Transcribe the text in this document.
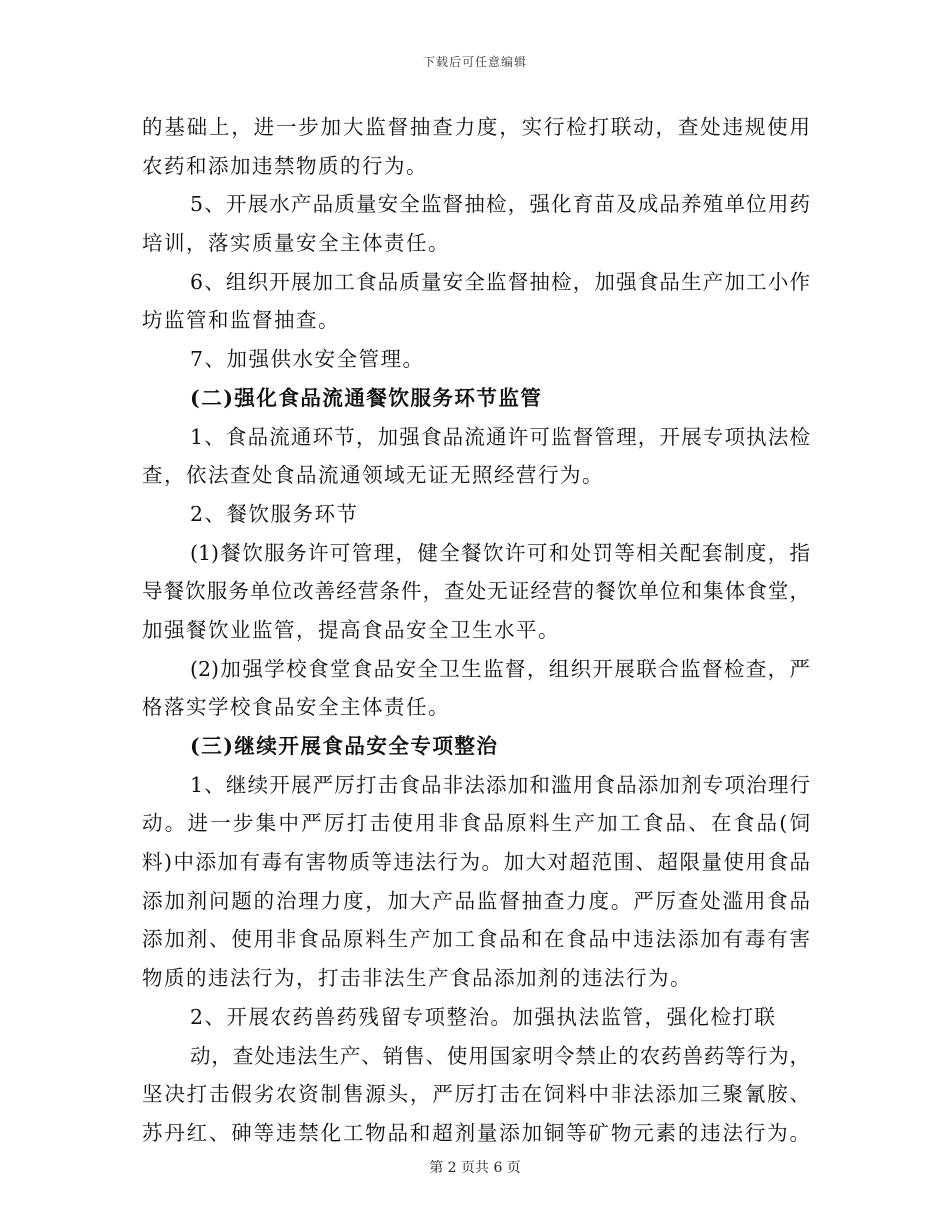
下载后可任意编辑
的基础上，进一步加大监督抽查力度，实行检打联动，查处违规使用
农药和添加违禁物质的行为。
5、开展水产品质量安全监督抽检，强化育苗及成品养殖单位用药
培训，落实质量安全主体责任。
6、组织开展加工食品质量安全监督抽检，加强食品生产加工小作
坊监管和监督抽查。
7、加强供水安全管理。
(二)强化食品流通餐饮服务环节监管
1、食品流通环节，加强食品流通许可监督管理，开展专项执法检
查，依法查处食品流通领域无证无照经营行为。
2、餐饮服务环节
(1)餐饮服务许可管理，健全餐饮许可和处罚等相关配套制度，指
导餐饮服务单位改善经营条件，查处无证经营的餐饮单位和集体食堂，
加强餐饮业监管，提高食品安全卫生水平。
(2)加强学校食堂食品安全卫生监督，组织开展联合监督检查，严
格落实学校食品安全主体责任。
(三)继续开展食品安全专项整治
1、继续开展严厉打击食品非法添加和滥用食品添加剂专项治理行
动。进一步集中严厉打击使用非食品原料生产加工食品、在食品(饲
料)中添加有毒有害物质等违法行为。加大对超范围、超限量使用食品
添加剂问题的治理力度，加大产品监督抽查力度。严厉查处滥用食品
添加剂、使用非食品原料生产加工食品和在食品中违法添加有毒有害
物质的违法行为，打击非法生产食品添加剂的违法行为。
2、开展农药兽药残留专项整治。加强执法监管，强化检打联
动，查处违法生产、销售、使用国家明令禁止的农药兽药等行为，
坚决打击假劣农资制售源头，严厉打击在饲料中非法添加三聚氰胺、
苏丹红、砷等违禁化工物品和超剂量添加铜等矿物元素的违法行为。
第 2 页共 6 页
